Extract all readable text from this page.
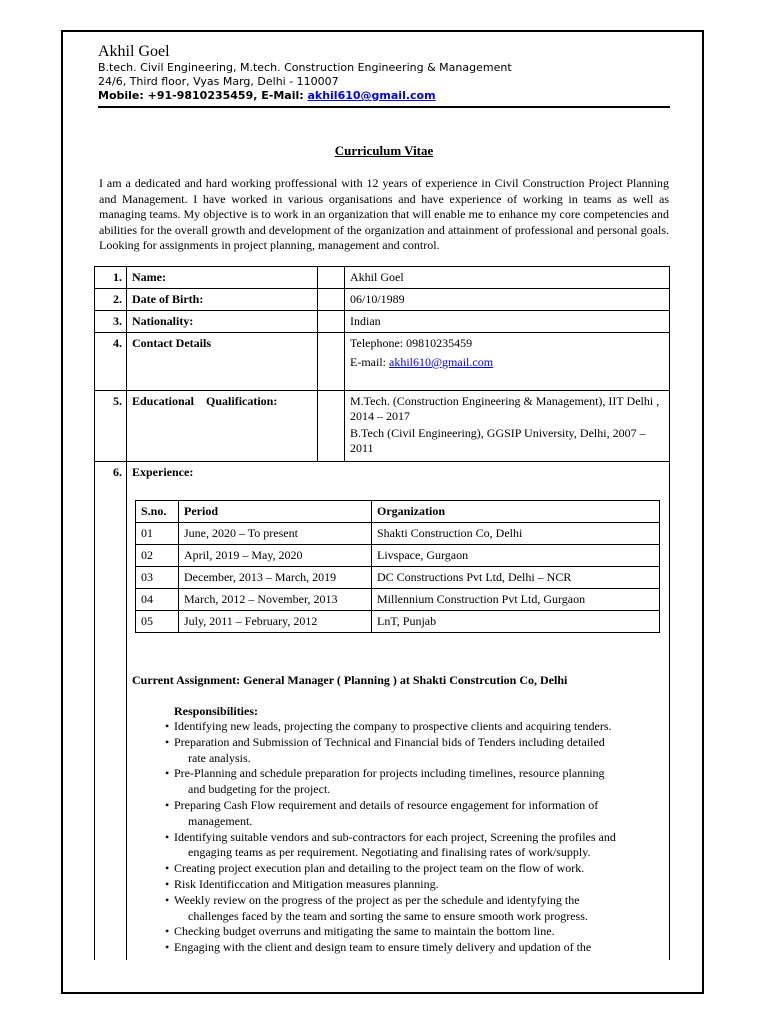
Akhil Goel
B.tech. Civil Engineering, M.tech. Construction Engineering & Management
24/6, Third floor, Vyas Marg, Delhi - 110007
Mobile: +91-9810235459, E-Mail: akhil610@gmail.com
Curriculum Vitae
I am a dedicated and hard working proffessional with 12 years of experience in Civil Construction Project Planning and Management. I have worked in various organisations and have experience of working in teams as well as managing teams. My objective is to work in an organization that will enable me to enhance my core competencies and abilities for the overall growth and development of the organization and attainment of professional and personal goals. Looking for assignments in project planning, management and control.
1.	Name:		Akhil Goel
2.	Date of Birth:		06/10/1989
3.	Nationality:		Indian
4.	Contact Details		Telephone: 09810235459
E-mail: akhil610@gmail.com

5.	Educational    Qualification:		M.Tech. (Construction Engineering & Management), IIT Delhi , 2014 – 2017
B.Tech (Civil Engineering), GGSIP University, Delhi, 2007 – 2011

6.	Experience:
S.no.	Period	Organization
01	June, 2020 – To present	Shakti Construction Co, Delhi
02	April, 2019 – May, 2020	Livspace, Gurgaon
03	December, 2013 – March, 2019	DC Constructions Pvt Ltd, Delhi – NCR
04	March, 2012 – November, 2013	Millennium Construction Pvt Ltd, Gurgaon
05	July, 2011 – February, 2012	LnT, Punjab
Current Assignment: General Manager ( Planning ) at Shakti Constrcution Co, Delhi
Responsibilities:
• Identifying new leads, projecting the company to prospective clients and acquiring tenders.
• Preparation and Submission of Technical and Financial bids of Tenders including detailed
rate analysis.
• Pre-Planning and schedule preparation for projects including timelines, resource planning
and budgeting for the project.
• Preparing Cash Flow requirement and details of resource engagement for information of
management.
• Identifying suitable vendors and sub-contractors for each project, Screening the profiles and
engaging teams as per requirement. Negotiating and finalising rates of work/supply.
• Creating project execution plan and detailing to the project team on the flow of work.
• Risk Identificcation and Mitigation measures planning.
• Weekly review on the progress of the project as per the schedule and identyfying the
challenges faced by the team and sorting the same to ensure smooth work progress.
• Checking budget overruns and mitigating the same to maintain the bottom line.
• Engaging with the client and design team to ensure timely delivery and updation of the
